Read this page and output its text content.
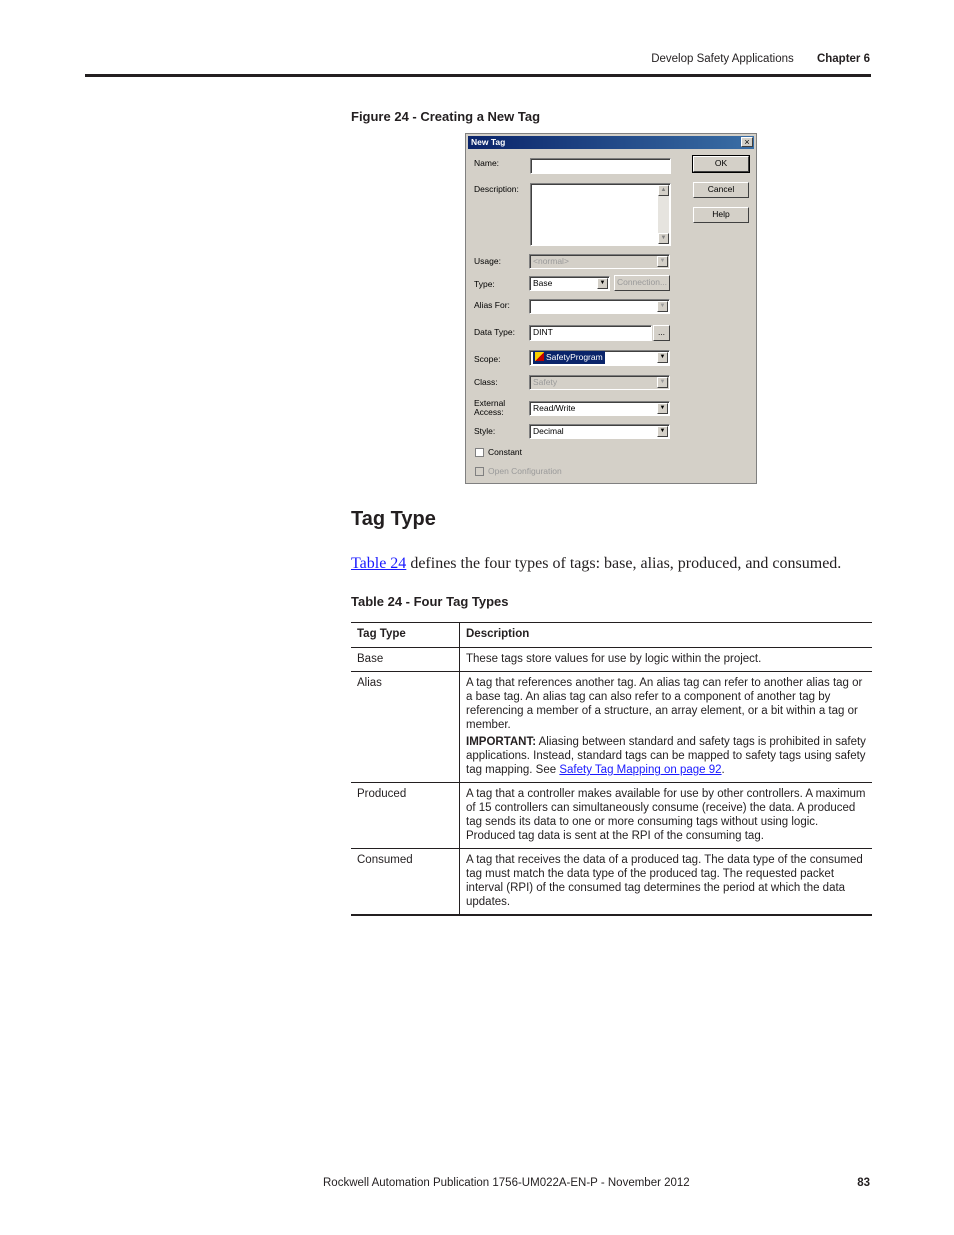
Develop Safety Applications Chapter 6
Figure 24 - Creating a New Tag
New Tag	×
Name:
Description:	▲
▼
Usage:	<normal>	▼
Type:	Base	▼	Connection...
Alias For:	▼
Data Type:	DINT	...
Scope:	SafetyProgram	▼
Class:	Safety	▼
External
Access:	Read/Write	▼
Style:	Decimal	▼
Constant
Open Configuration
OK
Cancel
Help
Tag Type
Table 24 defines the four types of tags: base, alias, produced, and consumed.
Table 24 - Four Tag Types
Tag Type	Description
Base	These tags store values for use by logic within the project.
Alias	A tag that references another tag. An alias tag can refer to another alias tag or a base tag. An alias tag can also refer to a component of another tag by referencing a member of a structure, an array element, or a bit within a tag or member.

IMPORTANT: Aliasing between standard and safety tags is prohibited in safety applications. Instead, standard tags can be mapped to safety tags using safety tag mapping. See Safety Tag Mapping on page 92.

Produced	A tag that a controller makes available for use by other controllers. A maximum of 15 controllers can simultaneously consume (receive) the data. A produced tag sends its data to one or more consuming tags without using logic. Produced tag data is sent at the RPI of the consuming tag.
Consumed	A tag that receives the data of a produced tag. The data type of the consumed tag must match the data type of the produced tag. The requested packet interval (RPI) of the consumed tag determines the period at which the data updates.
Rockwell Automation Publication 1756-UM022A-EN-P - November 2012	83
